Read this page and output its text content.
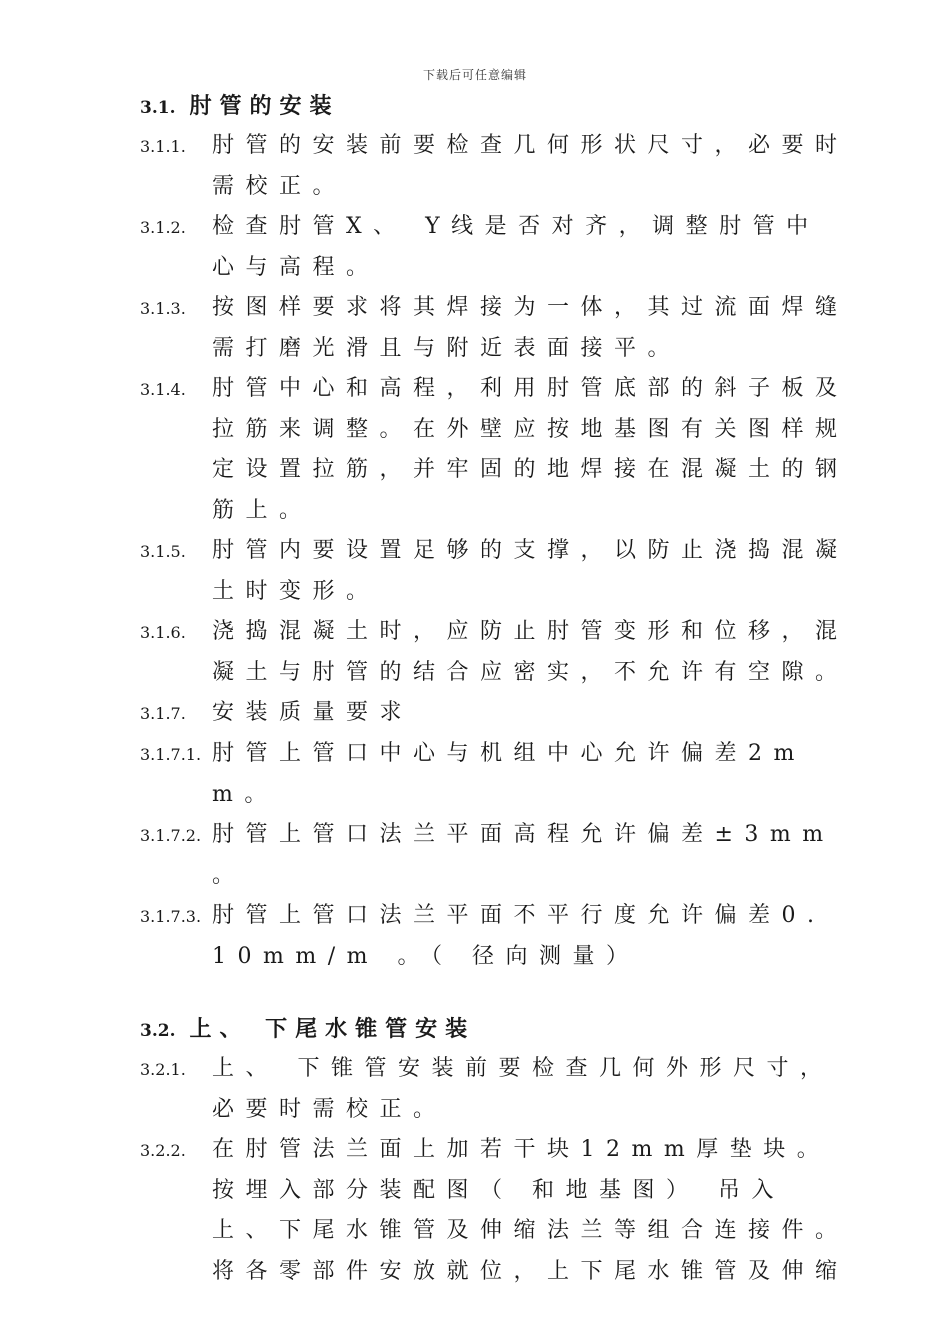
下载后可任意编辑
3.1. 肘管的安装
3.1.1.	肘管的安装前要检查几何形状尺寸，必要时需校正。
3.1.2.	检查肘管X、 Y线是否对齐，调整肘管中心与高程。
3.1.3.	按图样要求将其焊接为一体，其过流面焊缝需打磨光滑且与附近表面接平。
3.1.4.	肘管中心和高程，利用肘管底部的斜子板及拉筋来调整。在外壁应按地基图有关图样规定设置拉筋，并牢固的地焊接在混凝土的钢筋上。
3.1.5.	肘管内要设置足够的支撑，以防止浇捣混凝土时变形。
3.1.6.	浇捣混凝土时，应防止肘管变形和位移，混凝土与肘管的结合应密实，不允许有空隙。
3.1.7.	安装质量要求
3.1.7.1. 肘管上管口中心与机组中心允许偏差2mm。
3.1.7.2. 肘管上管口法兰平面高程允许偏差±3mm 。
3.1.7.3. 肘管上管口法兰平面不平行度允许偏差0.10mm/m 。（ 径向测量）
3.2. 上、 下尾水锥管安装
3.2.1.	上、 下锥管安装前要检查几何外形尺寸，必要时需校正。
3.2.2.	在肘管法兰面上加若干块12mm厚垫块。按埋入部分装配图（ 和地基图） 吊入上、下尾水锥管及伸缩法兰等组合连接件。将各零部件安放就位，上下尾水锥管及伸缩
